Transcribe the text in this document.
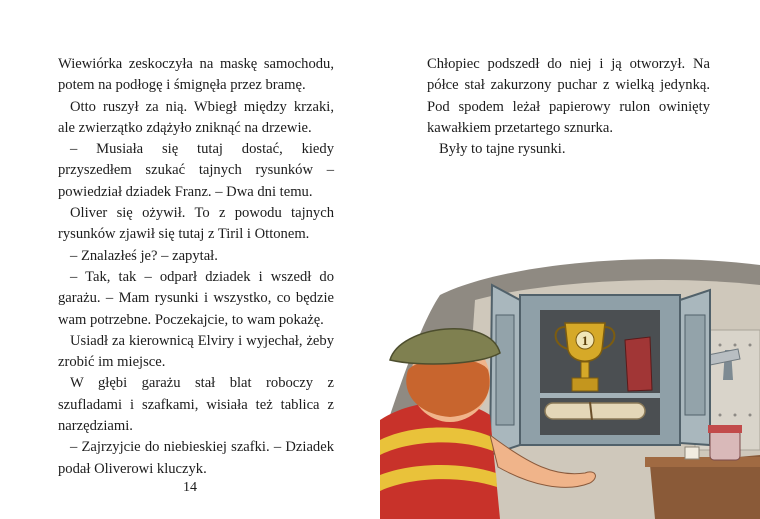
Wiewiórka zeskoczyła na maskę samochodu, potem na podłogę i śmignęła przez bramę.

Otto ruszył za nią. Wbiegł między krzaki, ale zwierzątko zdążyło zniknąć na drzewie.

– Musiała się tutaj dostać, kiedy przyszedłem szukać tajnych rysunków – powiedział dziadek Franz. – Dwa dni temu.

Oliver się ożywił. To z powodu tajnych rysunków zjawił się tutaj z Tiril i Ottonem.

– Znalazłeś je? – zapytał.

– Tak, tak – odparł dziadek i wszedł do garażu. – Mam rysunki i wszystko, co będzie wam potrzebne. Poczekajcie, to wam pokażę.

Usiadł za kierownicą Elviry i wyjechał, żeby zrobić im miejsce.

W głębi garażu stał blat roboczy z szufladami i szafkami, wisiała też tablica z narzędziami.

– Zajrzyjcie do niebieskiej szafki. – Dziadek podał Oliverowi kluczyk.

14

Chłopiec podszedł do niej i ją otworzył. Na półce stał zakurzony puchar z wielką jedynką. Pod spodem leżał papierowy rulon owinięty kawałkiem przetartego sznurka.

Były to tajne rysunki.

1
